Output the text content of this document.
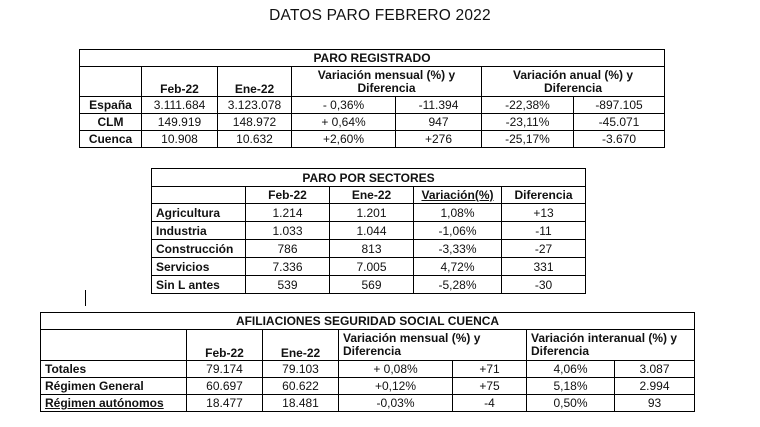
DATOS PARO FEBRERO 2022
PARO REGISTRADO						
	Feb-22	Ene-22	Variación mensual (%) y Diferencia		Variación anual (%) y Diferencia	
España	3.111.684	3.123.078	- 0,36%	-11.394	-22,38%	-897.105
CLM	149.919	148.972	+ 0,64%	947	-23,11%	-45.071
Cuenca	10.908	10.632	+2,60%	+276	-25,17%	-3.670
PARO POR SECTORES				
	Feb-22	Ene-22	Variación(%)	Diferencia
Agricultura	1.214	1.201	1,08%	+13
Industria	1.033	1.044	-1,06%	-11
Construcción	786	813	-3,33%	-27
Servicios	7.336	7.005	4,72%	331
Sin L antes	539	569	-5,28%	-30
AFILIACIONES SEGURIDAD SOCIAL CUENCA						
	Feb-22	Ene-22	Variación mensual (%) y Diferencia		Variación interanual (%) y Diferencia	
Totales	79.174	79.103	+ 0,08%	+71	4,06%	3.087
Régimen General	60.697	60.622	+0,12%	+75	5,18%	2.994
Régimen autónomos	18.477	18.481	-0,03%	-4	0,50%	93
